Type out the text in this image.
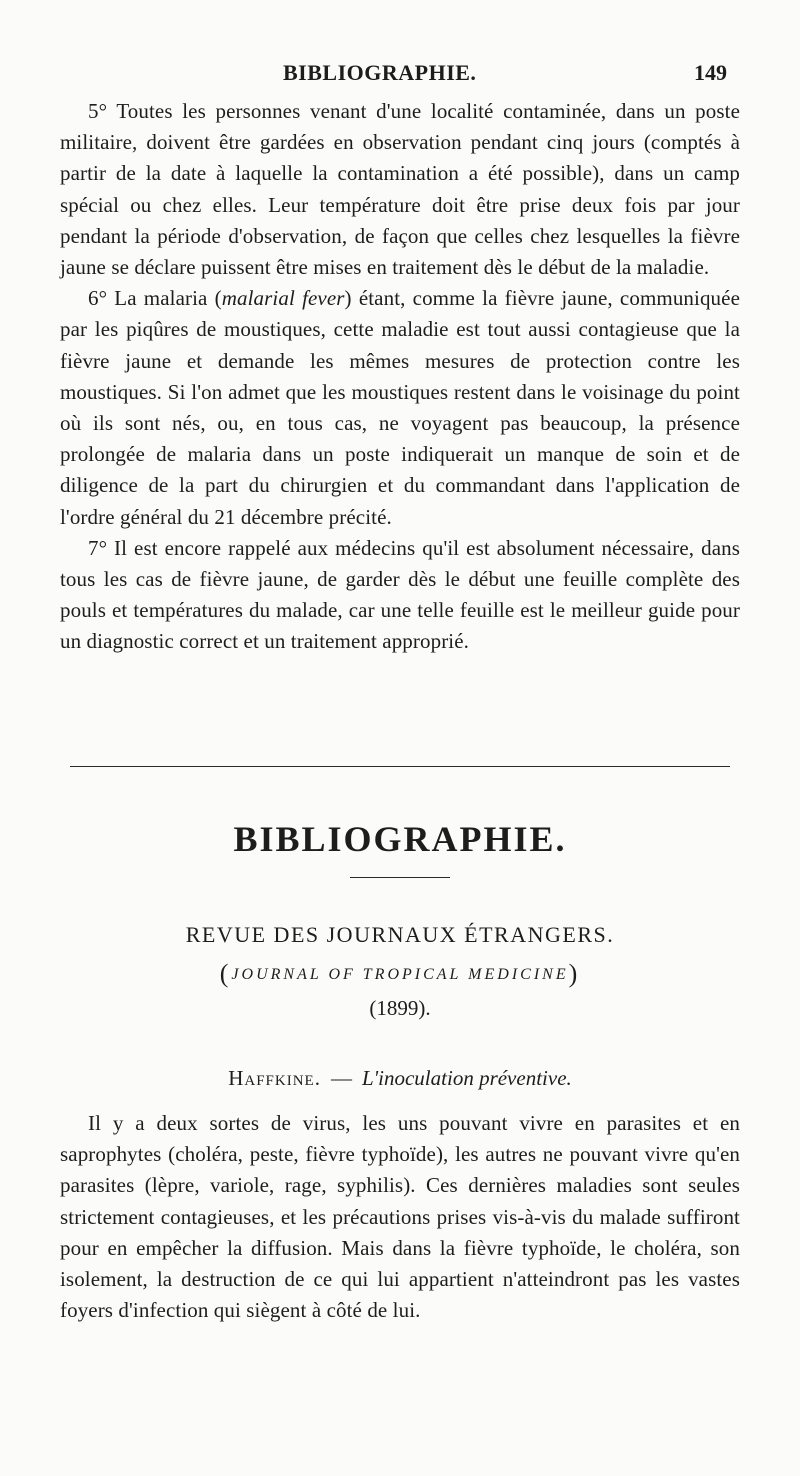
BIBLIOGRAPHIE.	149

5° Toutes les personnes venant d'une localité contaminée, dans un poste militaire, doivent être gardées en observation pendant cinq jours (comptés à partir de la date à laquelle la contamination a été possible), dans un camp spécial ou chez elles. Leur température doit être prise deux fois par jour pendant la période d'observation, de façon que celles chez lesquelles la fièvre jaune se déclare puissent être mises en traitement dès le début de la maladie.

6° La malaria (malarial fever) étant, comme la fièvre jaune, communiquée par les piqûres de moustiques, cette maladie est tout aussi contagieuse que la fièvre jaune et demande les mêmes mesures de protection contre les moustiques. Si l'on admet que les moustiques restent dans le voisinage du point où ils sont nés, ou, en tous cas, ne voyagent pas beaucoup, la présence prolongée de malaria dans un poste indiquerait un manque de soin et de diligence de la part du chirurgien et du commandant dans l'application de l'ordre général du 21 décembre précité.

7° Il est encore rappelé aux médecins qu'il est absolument nécessaire, dans tous les cas de fièvre jaune, de garder dès le début une feuille complète des pouls et températures du malade, car une telle feuille est le meilleur guide pour un diagnostic correct et un traitement approprié.

BIBLIOGRAPHIE.
REVUE DES JOURNAUX ÉTRANGERS.
(JOURNAL OF TROPICAL MEDICINE)
(1899).
Haffkine. — L'inoculation préventive.

Il y a deux sortes de virus, les uns pouvant vivre en parasites et en saprophytes (choléra, peste, fièvre typhoïde), les autres ne pouvant vivre qu'en parasites (lèpre, variole, rage, syphilis). Ces dernières maladies sont seules strictement contagieuses, et les précautions prises vis-à-vis du malade suffiront pour en empêcher la diffusion. Mais dans la fièvre typhoïde, le choléra, son isolement, la destruction de ce qui lui appartient n'atteindront pas les vastes foyers d'infection qui siègent à côté de lui.
